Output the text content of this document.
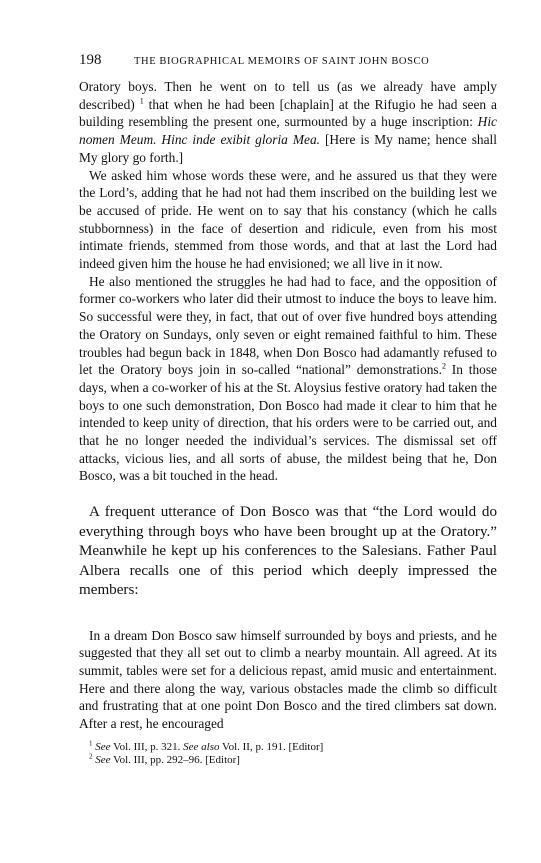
198	THE BIOGRAPHICAL MEMOIRS OF SAINT JOHN BOSCO

Oratory boys. Then he went on to tell us (as we already have amply described) $^1$ that when he had been [chaplain] at the Rifugio he had seen a building resembling the present one, surmounted by a huge inscription: Hic nomen Meum. Hinc inde exibit gloria Mea. [Here is My name; hence shall My glory go forth.]

We asked him whose words these were, and he assured us that they were the Lord’s, adding that he had not had them inscribed on the building lest we be accused of pride. He went on to say that his constancy (which he calls stubbornness) in the face of desertion and ridicule, even from his most intimate friends, stemmed from those words, and that at last the Lord had indeed given him the house he had envisioned; we all live in it now.

He also mentioned the struggles he had had to face, and the opposition of former co-workers who later did their utmost to induce the boys to leave him. So successful were they, in fact, that out of over five hundred boys attending the Oratory on Sundays, only seven or eight remained faithful to him. These troubles had begun back in 1848, when Don Bosco had adamantly refused to let the Oratory boys join in so-called “national” demonstrations.$^2$ In those days, when a co-worker of his at the St. Aloysius festive oratory had taken the boys to one such demonstration, Don Bosco had made it clear to him that he intended to keep unity of direction, that his orders were to be carried out, and that he no longer needed the individual’s services. The dismissal set off attacks, vicious lies, and all sorts of abuse, the mildest being that he, Don Bosco, was a bit touched in the head.

A frequent utterance of Don Bosco was that “the Lord would do everything through boys who have been brought up at the Oratory.” Meanwhile he kept up his conferences to the Salesians. Father Paul Albera recalls one of this period which deeply impressed the members:

In a dream Don Bosco saw himself surrounded by boys and priests, and he suggested that they all set out to climb a nearby mountain. All agreed. At its summit, tables were set for a delicious repast, amid music and entertainment. Here and there along the way, various obstacles made the climb so difficult and frustrating that at one point Don Bosco and the tired climbers sat down. After a rest, he encouraged

$^1$ See Vol. III, p. 321. See also Vol. II, p. 191. [Editor]
$^2$ See Vol. III, pp. 292–96. [Editor]
